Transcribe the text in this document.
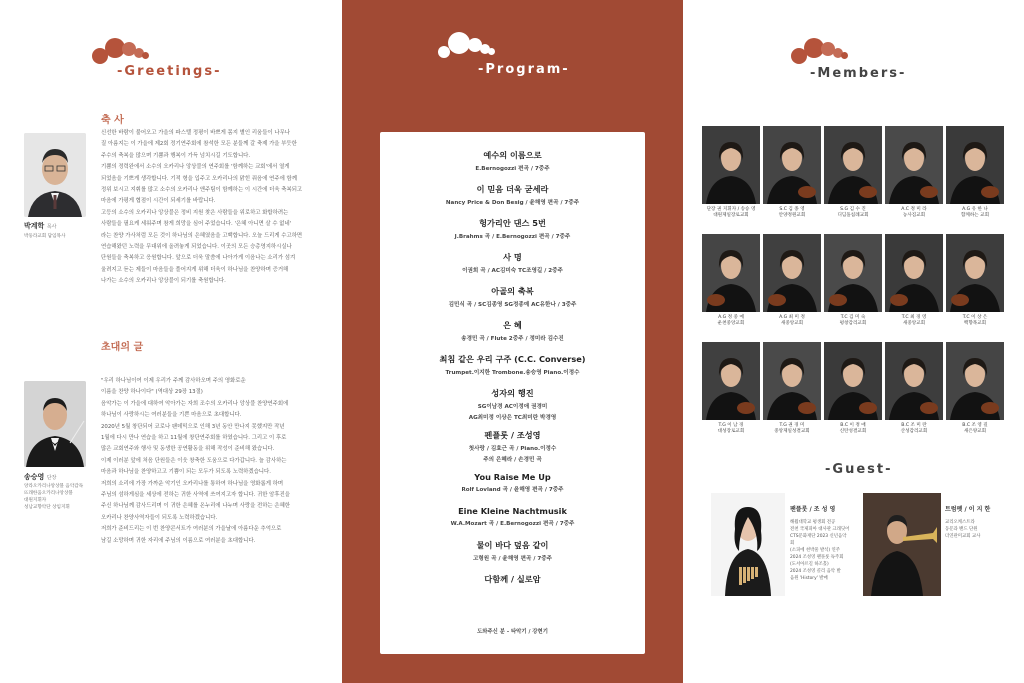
-Greetings-
축 사
박계학 목사
박둥라교회 담임목사
신선한 바람이 불어오고 가을의 파스텔 정평이 바쁘게 몸지 별인 리움들이 나무나
질 아름지는 이 가을에 제2회 정기연주회에 참석한 모든 분들께 갈 축제 가을 부듯한
주수의 축복을 많으며 기쁨과 행복이 가득 넘치시길 기도합니다.
기쁨의 정력완에서 소수의 오카리나 앙상블의 연주회를 '함께하는 교회'에서 열게
되었음을 기쁘게 생각합니다. 기적 형을 입주고 오카리나의 맑힌 줘음에 연주에 함께
정위 보시고 지휘를 많고 소수의 오카리나 앤주팀이 함께하는 이 시간에 더욱 축복되고
마음에 가평게 협점이 시간이 되세기를 바랍니다.
고등의 소수의 오카리나 앙상블은 정비 지원 찾은 사람들을 위로하고 화합하려는
사람들을 필요케 세워주며 참게 희망을 심어 주었습니다. '은혜 아니면 살 수 없네'
라는 찬양 가사처럼 모든 것이 하나님의 은혜였음을 고백합니다. 오늘 드리게 수고하면
연습해왔던 노력을 무대위에 올려놓게 되었습니다. 이곳의 모든 승총영지하시실나
단원들을 축복하고 응원합니다. 앞으로 더욱 말씀에 나아가게 이음나는 소리가 섬겨
울려지고 듣는 제들이 마음들을 풀어지게 위해 더욱이 하나님을 찬양하며 증거해
나가는 소수의 오카리나 앙상블이 되기를 축원합니다.
초대의 글
송승영 단장
앙라오카리나앙상블 음악감독
뜨래한움오카리나앙상블
대원지휘자
성남교향악단 상임지휘
"우리 하나님이여 이제 우리가 주께 감사하오며 주의 영화로운
이름을 찬양 하나이다" (역대상 29장 13절)
음악가는 이 가을에 대하여 악아가는 자희 조수의 오카리나 앙상블 찬양연주회에
하나님이 사랑하시는 여러분들을 기쁜 마음으로 초대합니다.
2020년 5월 창단되어 코로나 팬데믹으로 인해 3년 동안 만나지 못했지만 작년
1월에 다시 만나 연습을 하고 11월에 창단연주회를 하였습니다. 그리고 이 후로
많은 교회연주와 행사 및 동생한 공연활동을 위해 작성이 준비해 왔습니다.
이제 이러분 앞에 처음 단원들은 이웃 창축한 도움으로 다가갑니다. 늘 감사하는
마음과 하나님을 찬양하고고 기쁨이 되는 모두가 되도록 노력하겠습니다.
저희의 소리에 가장 가까운 악기인 오카리나를 통하여 하나님을 영화롭게 하며
주님의 섬하게심을 세상에 전하는 귀한 사역에 쓰여지고자 합니다. 귀한 암후진을
주신 하나님께 감사드리며 이 귀한 은혜를 온누리에 나누며 사랑을 전하는 은혜한
오카리나 찬양사역자들이 되도록 노력하겠습니다.
저희가 준비드리는 이 번 찬양콘서트가 여러분의 가을날에 아름다운 추억으로
남길 소망하며 귀한 자리에 주님의 이름으로 여러분을 초대합니다.
-Program-
도와주신 분 - 타악기 / 강현기
예수의 이름으로
E.Bernogozzi 편곡 / 7중주
이 믿음 더욱 굳세라
Nancy Price & Don Besig / 윤해영 편곡 / 7중주
헝가리안 댄스 5번
J.Brahms 곡 / E.Bernogozzi 편곡 / 7중주
사 명
이권희 곡 / AC김미숙 TC조영길 / 2중주
아골의 축복
김민식 곡 / SC김종영 SG정종예 AC유한나 / 3중주
은 혜
송경민 곡 / Flute 2중주 / 정미라 김수진
최침 같은 우리 구주 (C.C. Converse)
Trumpet.이지한 Trombone.송승영 Piano.이정수
성자의 행진
SG이남경 AC이정애 권경미
AG최미정 이상은 TC최미란 박경영
펜플룻 / 조성영
첫사랑 / 김효근 곡 / Piano.이정수
주의 은혜라 / 손경민 곡
You Raise Me Up
Rolf Lovland 곡 / 윤해영 편곡 / 7중주
Eine Kleine Nachtmusik
W.A.Mozart 곡 / E.Bernogozzi 편곡 / 7중주
물이 바다 덮음 같이
고형원 곡 / 윤해영 편곡 / 7중주
다함께 / 실로암
-Members-
단장 권 지휘자 / 송승 영
대원제일장로교회
S.C 김 종 영
안양정원교회
S.G 김 수 진
디딤돌침례교회
A.C 정 미 라
농사짐교회
A.G 유 한 나
함께하는 교회
A.G 정 중 예
운천중앙교회
A.G 최 미 정
새중앙교회
T.C 김 미 숙
평창감리교회
T.C 최 경 영
새중앙교회
T.C 이 상 은
백향목교회
T.G 이 남 경
대성장로교회
T.G 권 경 미
중앙제일성결교회
B.C 이 정 애
신탄성결교회
B.C 조 미 란
산성감리교회
B.C 조 영 길
새은양교회
-Guest-
팬플룻 / 조 성 영
해월대학교 평생회 전공
전천 국제피아 대사관 크래딧어
CTS문화재단 2023 신년음악회
(소피에 천박물 발석) 연주
2024 조성영 팬플룻 독주회
(도서아르길 하조홀)
2024 조성영 콜리 음악 발
음원 'History' 발매
트럼펫 / 이 지 한
교리오케스트라
동문과 밴드 단원
더연관미교회 교사
